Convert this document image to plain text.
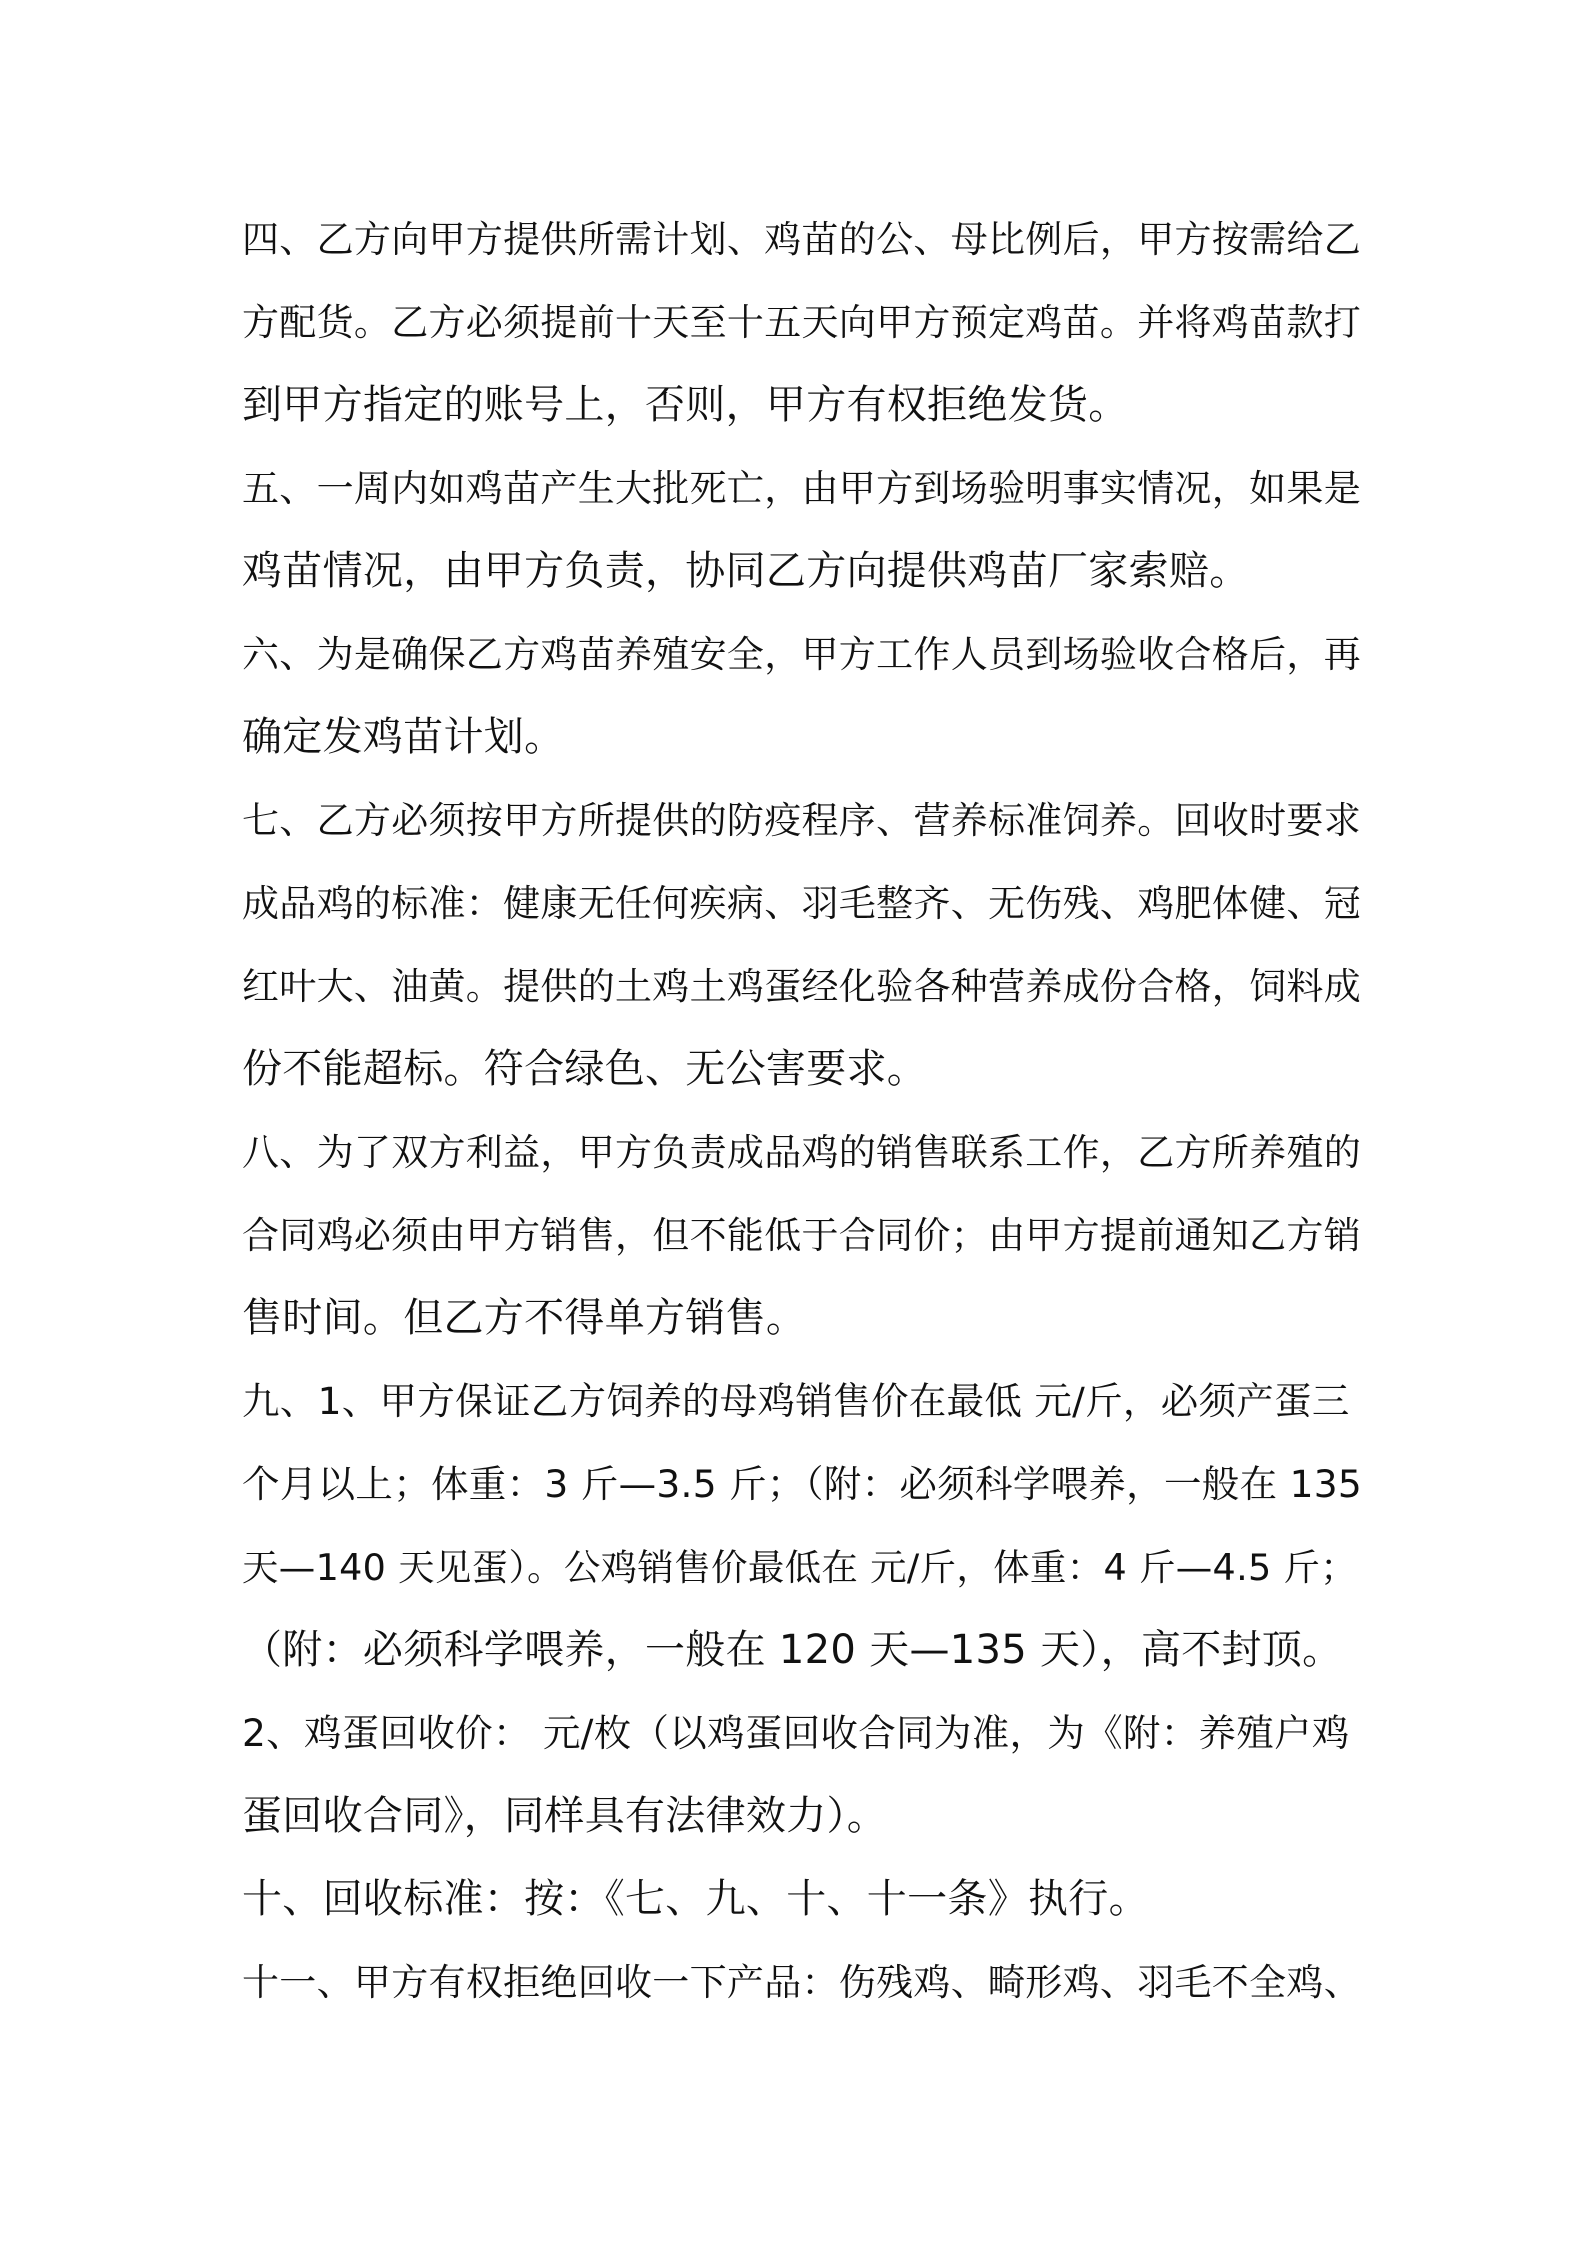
四、乙方向甲方提供所需计划、鸡苗的公、母比例后，甲方按需给乙
方配货。乙方必须提前十天至十五天向甲方预定鸡苗。并将鸡苗款打
到甲方指定的账号上，否则，甲方有权拒绝发货。
五、一周内如鸡苗产生大批死亡，由甲方到场验明事实情况，如果是
鸡苗情况，由甲方负责，协同乙方向提供鸡苗厂家索赔。
六、为是确保乙方鸡苗养殖安全，甲方工作人员到场验收合格后，再
确定发鸡苗计划。
七、乙方必须按甲方所提供的防疫程序、营养标准饲养。回收时要求
成品鸡的标准：健康无任何疾病、羽毛整齐、无伤残、鸡肥体健、冠
红叶大、油黄。提供的土鸡土鸡蛋经化验各种营养成份合格，饲料成
份不能超标。符合绿色、无公害要求。
八、为了双方利益，甲方负责成品鸡的销售联系工作，乙方所养殖的
合同鸡必须由甲方销售，但不能低于合同价；由甲方提前通知乙方销
售时间。但乙方不得单方销售。
九、1、甲方保证乙方饲养的母鸡销售价在最低 元/斤，必须产蛋三
个月以上；体重：3 斤—3.5 斤；（附：必须科学喂养，一般在 135
天—140 天见蛋）。公鸡销售价最低在 元/斤，体重：4 斤—4.5 斤；
（附：必须科学喂养，一般在 120 天—135 天），高不封顶。
2、鸡蛋回收价： 元/枚（以鸡蛋回收合同为准，为《附：养殖户鸡
蛋回收合同》，同样具有法律效力）。
十、回收标准：按：《七、九、十、十一条》执行。
十一、甲方有权拒绝回收一下产品：伤残鸡、畸形鸡、羽毛不全鸡、
